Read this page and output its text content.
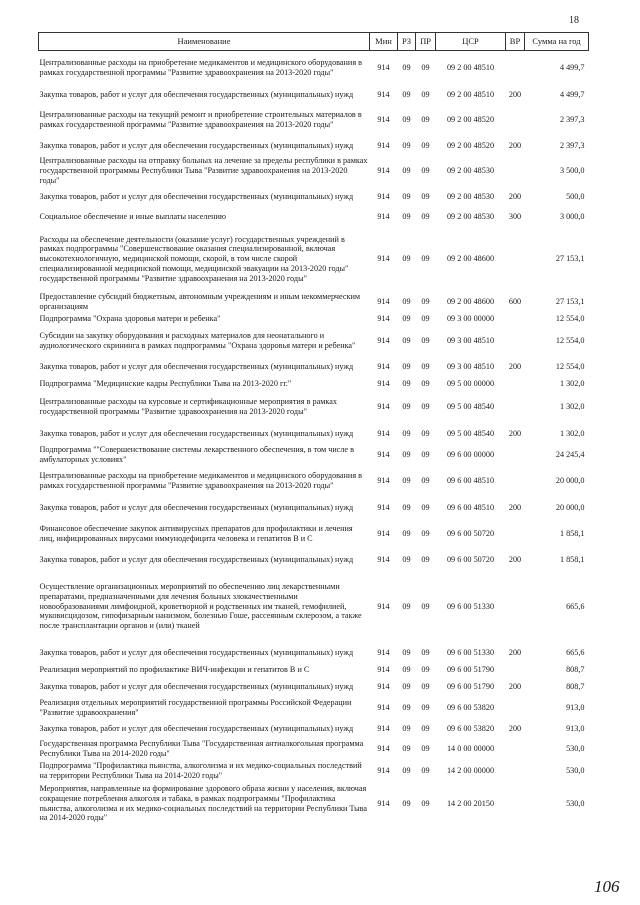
18
Наименование	Мин	РЗ	ПР	ЦСР	ВР	Сумма на год
Централизованные расходы на приобретение медикаментов и медицинского оборудования в рамках государственной программы "Развитие здравоохранения на 2013-2020 годы"	914	09	09	09 2 00 48510		4 499,7
Закупка товаров, работ и услуг для обеспечения государственных (муниципальных) нужд	914	09	09	09 2 00 48510	200	4 499,7
Централизованные расходы на текущий ремонт и приобретение строительных материалов в рамках государственной программы "Развитие здравоохранения на 2013-2020 годы"	914	09	09	09 2 00 48520		2 397,3
Закупка товаров, работ и услуг для обеспечения государственных (муниципальных) нужд	914	09	09	09 2 00 48520	200	2 397,3
Централизованные расходы на отправку больных на лечение за пределы республики в рамках государственной программы Республики Тыва "Развитие здравоохранения на 2013-2020 годы"	914	09	09	09 2 00 48530		3 500,0
Закупка товаров, работ и услуг для обеспечения государственных (муниципальных) нужд	914	09	09	09 2 00 48530	200	500,0
Социальное обеспечение и иные выплаты населению	914	09	09	09 2 00 48530	300	3 000,0
Расходы на обеспечение деятельности (оказание услуг) государственных учреждений в рамках подпрограммы "Совершенствование оказания специализированной, включая высокотехнологичную, медицинской помощи, скорой, в том числе скорой специализированной медицинской помощи, медицинской эвакуации на 2013-2020 годы" государственной программы "Развитие здравоохранения на 2013-2020 годы"	914	09	09	09 2 00 48600		27 153,1
Предоставление субсидий бюджетным, автономным учреждениям и иным некоммерческим организациям	914	09	09	09 2 00 48600	600	27 153,1
Подпрограмма "Охрана здоровья матери и ребенка"	914	09	09	09 3 00 00000		12 554,0
Субсидии на закупку оборудования и расходных материалов для неонатального и аудиологического скрининга в рамках подпрограммы "Охрана здоровья матери и ребенка"	914	09	09	09 3 00 48510		12 554,0
Закупка товаров, работ и услуг для обеспечения государственных (муниципальных) нужд	914	09	09	09 3 00 48510	200	12 554,0
Подпрограмма "Медицинские кадры Республики Тыва на 2013-2020 гг."	914	09	09	09 5 00 00000		1 302,0
Централизованные расходы на курсовые и сертификационные мероприятия в рамках государственной программы "Развитие здравоохранения на 2013-2020 годы"	914	09	09	09 5 00 48540		1 302,0
Закупка товаров, работ и услуг для обеспечения государственных (муниципальных) нужд	914	09	09	09 5 00 48540	200	1 302,0
Подпрограмма ""Совершенствование системы лекарственного обеспечения, в том числе в амбулаторных условиях"	914	09	09	09 6 00 00000		24 245,4
Централизованные расходы на приобретение медикаментов и медицинского оборудования в рамках государственной программы "Развитие здравоохранения на 2013-2020 годы"	914	09	09	09 6 00 48510		20 000,0
Закупка товаров, работ и услуг для обеспечения государственных (муниципальных) нужд	914	09	09	09 6 00 48510	200	20 000,0
Финансовое обеспечение закупок антивирусных препаратов для профилактики и лечения лиц, инфицированных вирусами иммунодефицита человека и гепатитов В и С	914	09	09	09 6 00 50720		1 858,1
Закупка товаров, работ и услуг для обеспечения государственных (муниципальных) нужд	914	09	09	09 6 00 50720	200	1 858,1
Осуществление организационных мероприятий по обеспечению лиц лекарственными препаратами, предназначенными для лечения больных злокачественными новообразованиями лимфоидной, кроветворной и родственных им тканей, гемофилией, муковисцидозом, гипофизарным нанизмом, болезнью Гоше, рассеянным склерозом, а также после трансплантации органов и (или) тканей	914	09	09	09 6 00 51330		665,6
Закупка товаров, работ и услуг для обеспечения государственных (муниципальных) нужд	914	09	09	09 6 00 51330	200	665,6
Реализация мероприятий по профилактике ВИЧ-инфекции и гепатитов В и С	914	09	09	09 6 00 51790		808,7
Закупка товаров, работ и услуг для обеспечения государственных (муниципальных) нужд	914	09	09	09 6 00 51790	200	808,7
Реализация отдельных мероприятий государственной программы Российской Федерации "Развитие здравоохранения"	914	09	09	09 6 00 53820		913,0
Закупка товаров, работ и услуг для обеспечения государственных (муниципальных) нужд	914	09	09	09 6 00 53820	200	913,0
Государственная программа Республики Тыва "Государственная антиалкогольная программа Республики Тыва на 2014-2020 годы"	914	09	09	14 0 00 00000		530,0
Подпрограмма "Профилактика пьянства, алкоголизма и их медико-социальных последствий на территории Республики Тыва на 2014-2020 годы"	914	09	09	14 2 00 00000		530,0
Мероприятия, направленные на формирование здорового образа жизни у населения, включая сокращение потребления алкоголя и табака, в рамках подпрограммы "Профилактика пьянства, алкоголизма и их медико-социальных последствий на территории Республики Тыва на 2014-2020 годы"	914	09	09	14 2 00 20150		530,0
106
